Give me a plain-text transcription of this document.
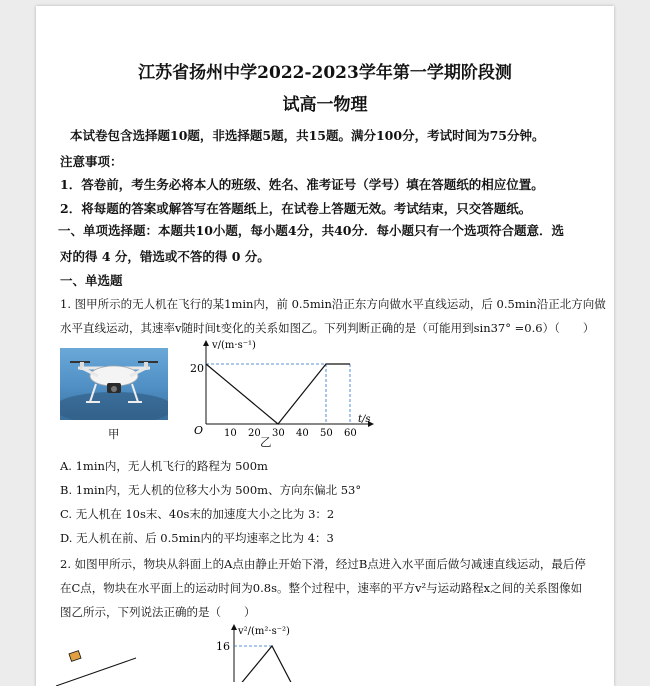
江苏省扬州中学2022-2023学年第一学期阶段测
试高一物理
本试卷包含选择题10题，非选择题5题，共15题。满分100分，考试时间为75分钟。
注意事项：
1．答卷前，考生务必将本人的班级、姓名、准考证号（学号）填在答题纸的相应位置。
2．将每题的答案或解答写在答题纸上，在试卷上答题无效。考试结束，只交答题纸。
一、单项选择题：本题共10小题，每小题4分，共40分．每小题只有一个选项符合题意．选
对的得 4 分，错选或不答的得 0 分。
一、单选题
1. 图甲所示的无人机在飞行的某1min内，前 0.5min沿正东方向做水平直线运动，后 0.5min沿正北方向做
水平直线运动，其速率v随时间t变化的关系如图乙。下列判断正确的是（可能用到sin37° =0.6）（　　）
甲
v/(m·s⁻¹)
t/s
20
O 10 20 30 40 50 60
乙
A. 1min内，无人机飞行的路程为 500m
B. 1min内，无人机的位移大小为 500m、方向东偏北 53°
C. 无人机在 10s末、40s末的加速度大小之比为 3：2
D. 无人机在前、后 0.5min内的平均速率之比为 4：3
2. 如图甲所示，物块从斜面上的A点由静止开始下滑，经过B点进入水平面后做匀减速直线运动，最后停
在C点，物块在水平面上的运动时间为0.8s。整个过程中，速率的平方v²与运动路程x之间的关系图像如
图乙所示，下列说法正确的是（　　）
v²/(m²·s⁻²)
16
